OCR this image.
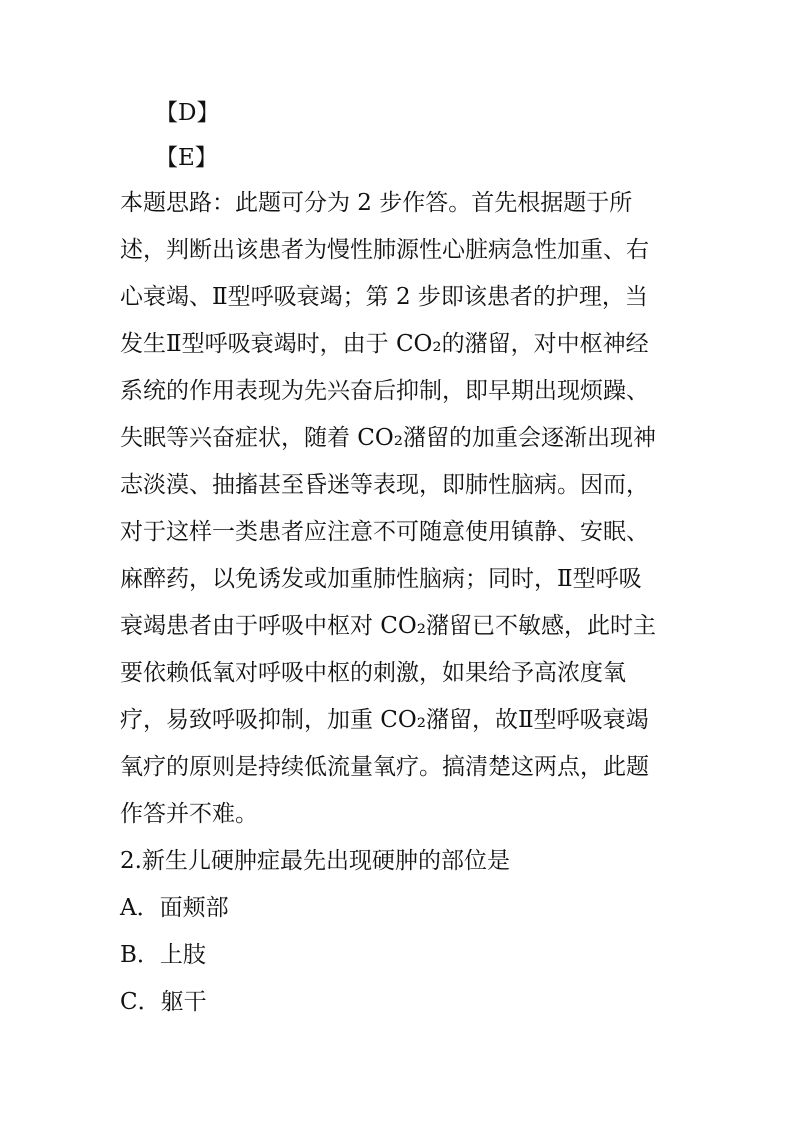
【D】
【E】
本题思路：此题可分为 2 步作答。首先根据题于所
述，判断出该患者为慢性肺源性心脏病急性加重、右
心衰竭、Ⅱ型呼吸衰竭；第 2 步即该患者的护理，当
发生Ⅱ型呼吸衰竭时，由于 CO₂的潴留，对中枢神经
系统的作用表现为先兴奋后抑制，即早期出现烦躁、
失眠等兴奋症状，随着 CO₂潴留的加重会逐渐出现神
志淡漠、抽搐甚至昏迷等表现，即肺性脑病。因而，
对于这样一类患者应注意不可随意使用镇静、安眠、
麻醉药，以免诱发或加重肺性脑病；同时，Ⅱ型呼吸
衰竭患者由于呼吸中枢对 CO₂潴留已不敏感，此时主
要依赖低氧对呼吸中枢的刺激，如果给予高浓度氧
疗，易致呼吸抑制，加重 CO₂潴留，故Ⅱ型呼吸衰竭
氧疗的原则是持续低流量氧疗。搞清楚这两点，此题
作答并不难。
2.新生儿硬肿症最先出现硬肿的部位是
A．面颊部
B．上肢
C．躯干
